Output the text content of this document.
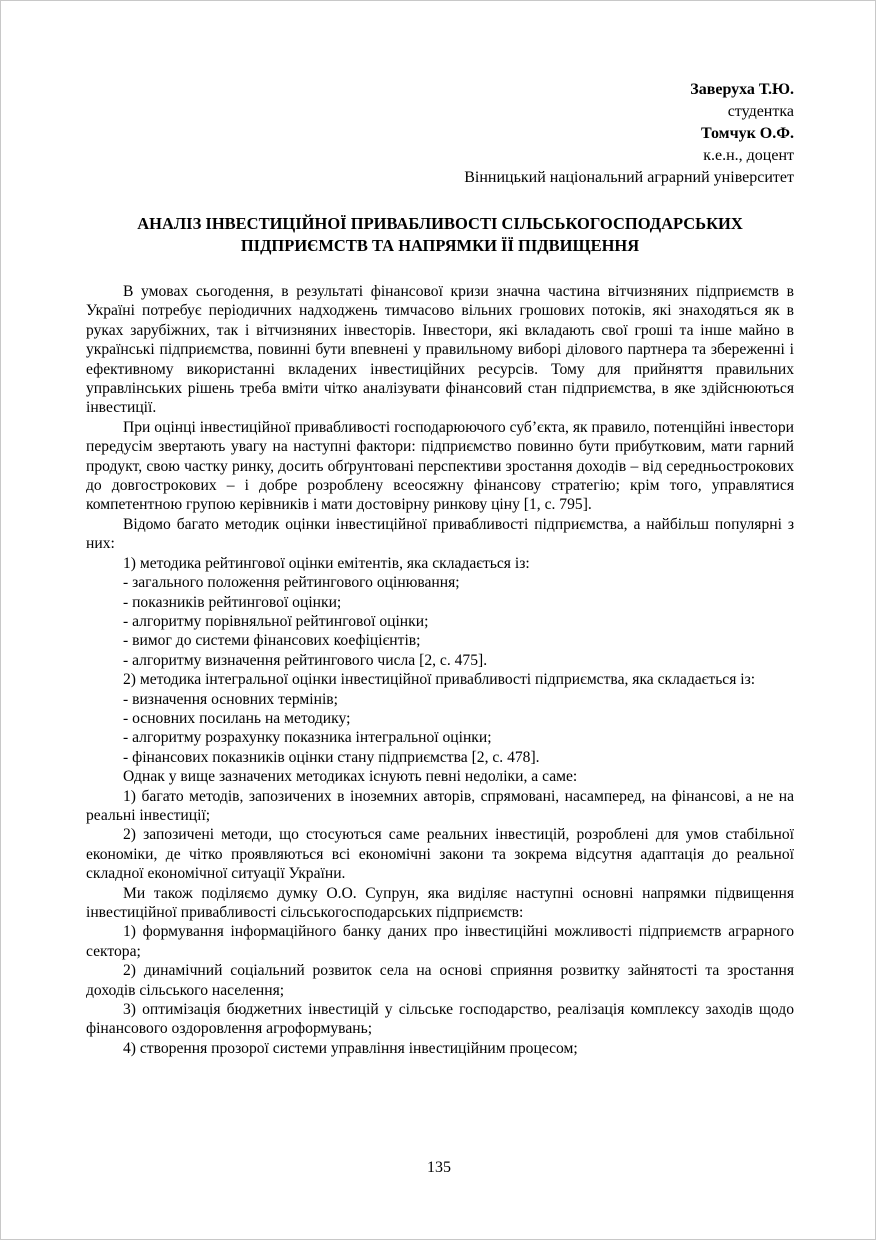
Заверуха Т.Ю.
студентка
Томчук О.Ф.
к.е.н., доцент
Вінницький національний аграрний університет
АНАЛІЗ ІНВЕСТИЦІЙНОЇ ПРИВАБЛИВОСТІ СІЛЬСЬКОГОСПОДАРСЬКИХ ПІДПРИЄМСТВ ТА НАПРЯМКИ ЇЇ ПІДВИЩЕННЯ

В умовах сьогодення, в результаті фінансової кризи значна частина вітчизняних підприємств в Україні потребує періодичних надходжень тимчасово вільних грошових потоків, які знаходяться як в руках зарубіжних, так і вітчизняних інвесторів. Інвестори, які вкладають свої гроші та інше майно в українські підприємства, повинні бути впевнені у правильному виборі ділового партнера та збереженні і ефективному використанні вкладених інвестиційних ресурсів. Тому для прийняття правильних управлінських рішень треба вміти чітко аналізувати фінансовий стан підприємства, в яке здійснюються інвестиції.

При оцінці інвестиційної привабливості господарюючого суб’єкта, як правило, потенційні інвестори передусім звертають увагу на наступні фактори: підприємство повинно бути прибутковим, мати гарний продукт, свою частку ринку, досить обґрунтовані перспективи зростання доходів – від середньострокових до довгострокових – і добре розроблену всеосяжну фінансову стратегію; крім того, управлятися компетентною групою керівників і мати достовірну ринкову ціну [1, с. 795].

Відомо багато методик оцінки інвестиційної привабливості підприємства, а найбільш популярні з них:

1) методика рейтингової оцінки емітентів, яка складається із:

- загального положення рейтингового оцінювання;

- показників рейтингової оцінки;

- алгоритму порівняльної рейтингової оцінки;

- вимог до системи фінансових коефіцієнтів;

- алгоритму визначення рейтингового числа [2, с. 475].

2) методика інтегральної оцінки інвестиційної привабливості підприємства, яка складається із:

- визначення основних термінів;

- основних посилань на методику;

- алгоритму розрахунку показника інтегральної оцінки;

- фінансових показників оцінки стану підприємства [2, с. 478].

Однак у вище зазначених методиках існують певні недоліки, а саме:

1) багато методів, запозичених в іноземних авторів, спрямовані, насамперед, на фінансові, а не на реальні інвестиції;

2) запозичені методи, що стосуються саме реальних інвестицій, розроблені для умов стабільної економіки, де чітко проявляються всі економічні закони та зокрема відсутня адаптація до реальної складної економічної ситуації України.

Ми також поділяємо думку О.О. Супрун, яка виділяє наступні основні напрямки підвищення інвестиційної привабливості сільськогосподарських підприємств:

1) формування інформаційного банку даних про інвестиційні можливості підприємств аграрного сектора;

2) динамічний соціальний розвиток села на основі сприяння розвитку зайнятості та зростання доходів сільського населення;

3) оптимізація бюджетних інвестицій у сільське господарство, реалізація комплексу заходів щодо фінансового оздоровлення агроформувань;

4) створення прозорої системи управління інвестиційним процесом;

135
